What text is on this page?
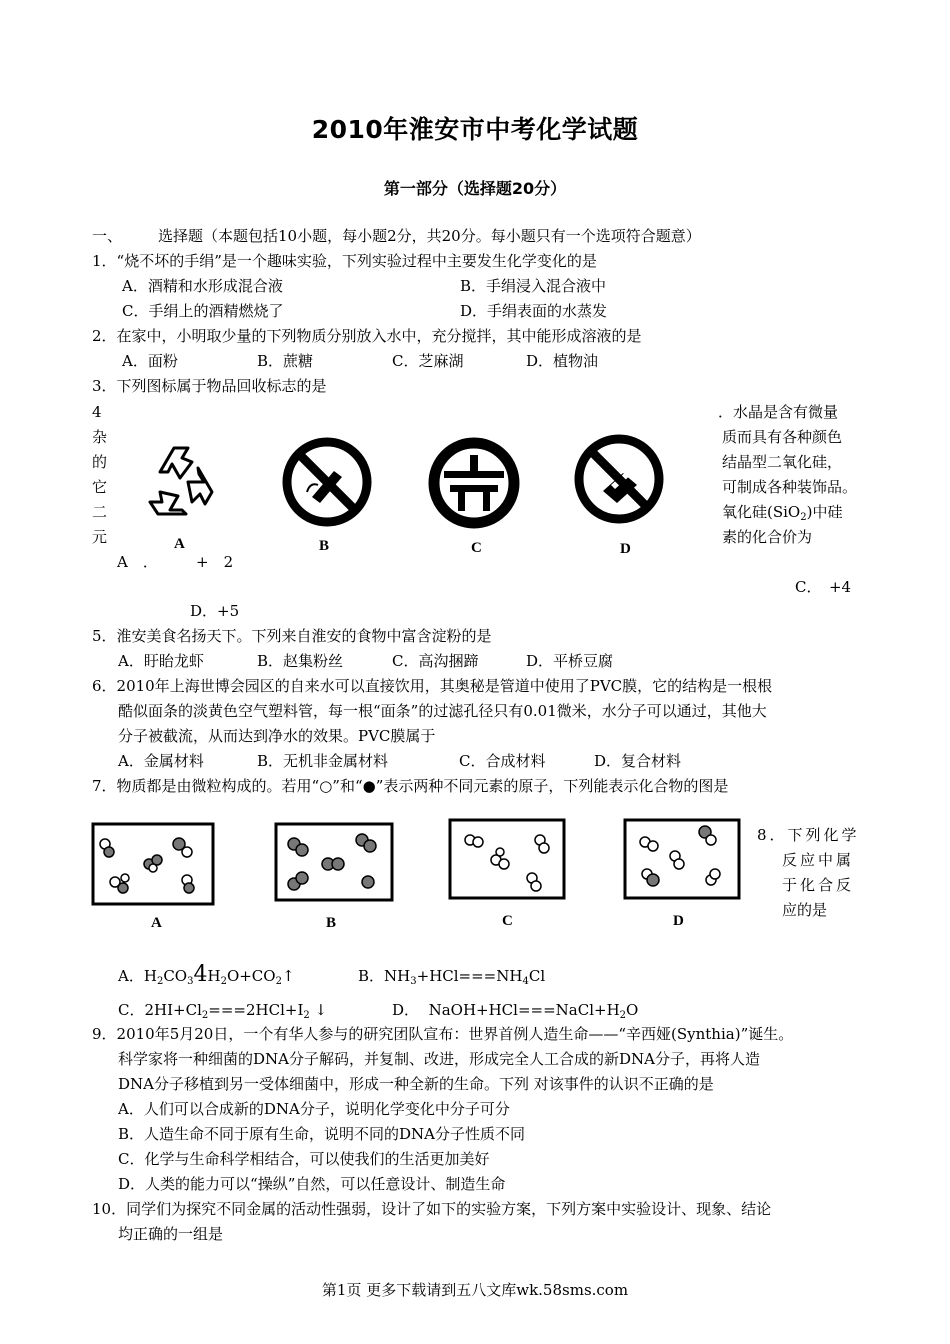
2010年淮安市中考化学试题
第一部分（选择题20分）
一、 选择题（本题包括10小题，每小题2分，共20分。每小题只有一个选项符合题意）
1．“烧不坏的手绢”是一个趣味实验，下列实验过程中主要发生化学变化的是
A．酒精和水形成混合液	B．手绢浸入混合液中
C．手绢上的酒精燃烧了	D．手绢表面的水蒸发
2．在家中，小明取少量的下列物质分别放入水中，充分搅拌，其中能形成溶液的是
A．面粉	B．蔗糖	C．芝麻湖	D．植物油
3．下列图标属于物品回收标志的是
4
杂
的
它
二
元	A	B	C	D
．水晶是含有微量
质而具有各种颜色
结晶型二氧化硅，
可制成各种装饰品。
氧化硅(SiO$_2$)中硅
素的化合价为
A　．	+　2
C．　+4
D．+5
5．淮安美食名扬天下。下列来自淮安的食物中富含淀粉的是
A．盱眙龙虾	B．赵集粉丝	C．高沟捆蹄	D．平桥豆腐
6．2010年上海世博会园区的自来水可以直接饮用，其奥秘是管道中使用了PVC膜，它的结构是一根根
酷似面条的淡黄色空气塑料管，每一根“面条”的过滤孔径只有0.01微米，水分子可以通过，其他大
分子被截流，从而达到净水的效果。PVC膜属于
A．金属材料	B．无机非金属材料	C．合成材料	D．复合材料
7．物质都是由微粒构成的。若用“○”和“●”表示两种不同元素的原子，下列能表示化合物的图是
A	B	C	D
8．下列化学
反应中属
于化合反
应的是
A．$H_2CO_34H_2O+CO_2↑$	B．$NH_3+HCl===NH_4Cl$
C．$2HI+Cl_2===2HCl+I_2$ ↓	D． $NaOH+HCl===NaCl+H_2O$
9．2010年5月20日，一个有华人参与的研究团队宣布：世界首例人造生命——“辛西娅(Synthia)”诞生。
科学家将一种细菌的DNA分子解码，并复制、改进，形成完全人工合成的新DNA分子，再将人造
DNA分子移植到另一受体细菌中，形成一种全新的生命。下列 对该事件的认识不正确的是
A．人们可以合成新的DNA分子，说明化学变化中分子可分
B．人造生命不同于原有生命，说明不同的DNA分子性质不同
C．化学与生命科学相结合，可以使我们的生活更加美好
D．人类的能力可以“操纵”自然，可以任意设计、制造生命
10．同学们为探究不同金属的活动性强弱，设计了如下的实验方案，下列方案中实验设计、现象、结论
均正确的一组是
第1页 更多下载请到五八文库wk.58sms.com
